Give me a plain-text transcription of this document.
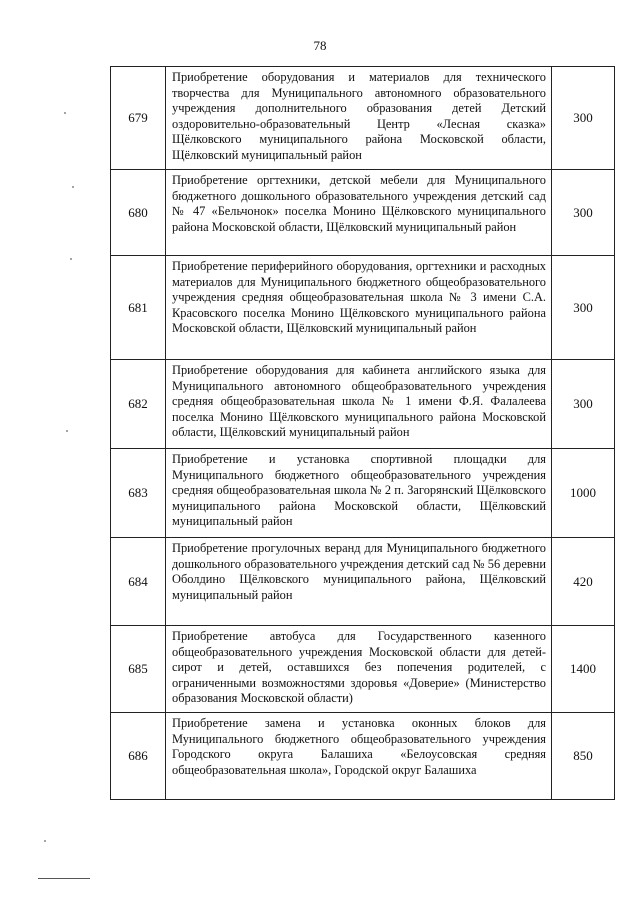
78
679	Приобретение оборудования и материалов для технического творчества для Муниципального автономного образовательного учреждения дополнительного образования детей Детский оздоровительно-образовательный Центр «Лесная сказка» Щёлковского муниципального района Московской области, Щёлковский муниципальный район	300
680	Приобретение оргтехники, детской мебели для Муниципального бюджетного дошкольного образовательного учреждения детский сад № 47 «Бельчонок» поселка Монино Щёлковского муниципального района Московской области, Щёлковский муниципальный район	300
681	Приобретение периферийного оборудования, оргтехники и расходных материалов для Муниципального бюджетного общеобразовательного учреждения средняя общеобразовательная школа № 3 имени С.А. Красовского поселка Монино Щёлковского муниципального района Московской области, Щёлковский муниципальный район	300
682	Приобретение оборудования для кабинета английского языка для Муниципального автономного общеобразовательного учреждения средняя общеобразовательная школа № 1 имени Ф.Я. Фалалеева поселка Монино Щёлковского муниципального района Московской области, Щёлковский муниципальный район	300
683	Приобретение и установка спортивной площадки для Муниципального бюджетного общеобразовательного учреждения средняя общеобразовательная школа № 2 п. Загорянский Щёлковского муниципального района Московской области, Щёлковский муниципальный район	1000
684	Приобретение прогулочных веранд для Муниципального бюджетного дошкольного образовательного учреждения детский сад № 56 деревни Оболдино Щёлковского муниципального района, Щёлковский муниципальный район	420
685	Приобретение автобуса для Государственного казенного общеобразовательного учреждения Московской области для детей-сирот и детей, оставшихся без попечения родителей, с ограниченными возможностями здоровья «Доверие» (Министерство образования Московской области)	1400
686	Приобретение замена и установка оконных блоков для Муниципального бюджетного общеобразовательного учреждения Городского округа Балашиха «Белоусовская средняя общеобразовательная школа», Городской округ Балашиха	850
